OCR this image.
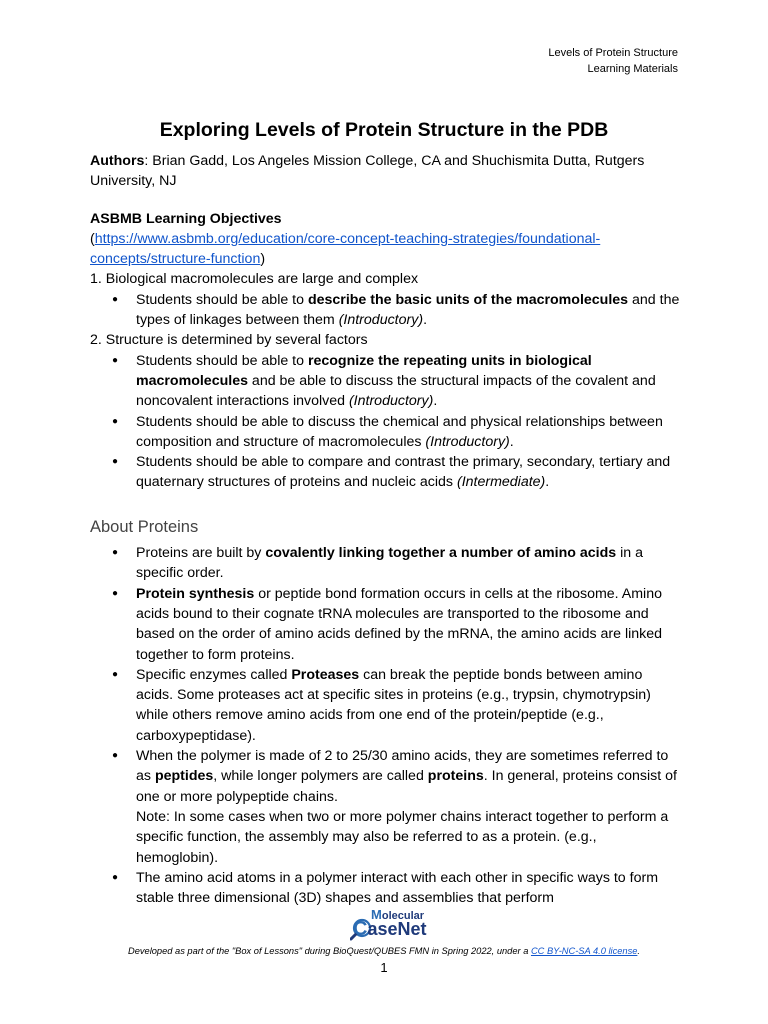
Levels of Protein Structure
Learning Materials
Exploring Levels of Protein Structure in the PDB

Authors: Brian Gadd, Los Angeles Mission College, CA and Shuchismita Dutta, Rutgers University, NJ

ASBMB Learning Objectives

(https://www.asbmb.org/education/core-concept-teaching-strategies/foundational-
concepts/structure-function)

1. Biological macromolecules are large and complex

● Students should be able to describe the basic units of the macromolecules and the types of linkages between them (Introductory).

2. Structure is determined by several factors

● Students should be able to recognize the repeating units in biological macromolecules and be able to discuss the structural impacts of the covalent and noncovalent interactions involved (Introductory).
● Students should be able to discuss the chemical and physical relationships between composition and structure of macromolecules (Introductory).
● Students should be able to compare and contrast the primary, secondary, tertiary and quaternary structures of proteins and nucleic acids (Intermediate).
About Proteins
● Proteins are built by covalently linking together a number of amino acids in a specific order.
● Protein synthesis or peptide bond formation occurs in cells at the ribosome. Amino acids bound to their cognate tRNA molecules are transported to the ribosome and based on the order of amino acids defined by the mRNA, the amino acids are linked together to form proteins.
● Specific enzymes called Proteases can break the peptide bonds between amino acids. Some proteases act at specific sites in proteins (e.g., trypsin, chymotrypsin) while others remove amino acids from one end of the protein/peptide (e.g., carboxypeptidase).
● When the polymer is made of 2 to 25/30 amino acids, they are sometimes referred to as peptides, while longer polymers are called proteins. In general, proteins consist of one or more polypeptide chains.
Note: In some cases when two or more polymer chains interact together to perform a specific function, the assembly may also be referred to as a protein. (e.g., hemoglobin).
● The amino acid atoms in a polymer interact with each other in specific ways to form stable three dimensional (3D) shapes and assemblies that perform
Molecular
CaseNet
Developed as part of the "Box of Lessons" during BioQuest/QUBES FMN in Spring 2022, under a CC BY-NC-SA 4.0 license.
1
